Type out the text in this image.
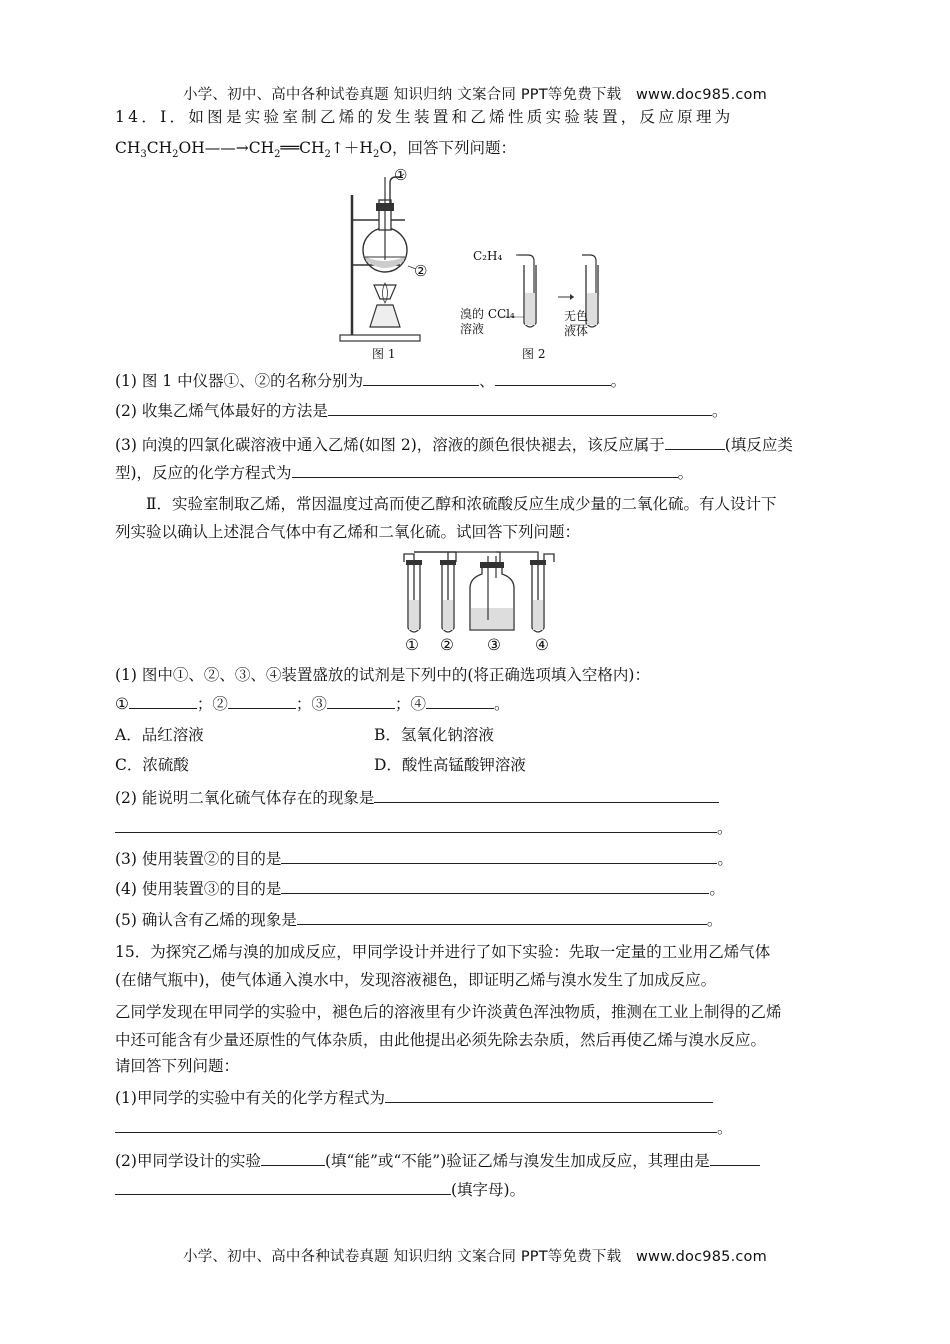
小学、初中、高中各种试卷真题 知识归纳 文案合同 PPT等免费下载　www.doc985.com
14．Ⅰ．如图是实验室制乙烯的发生装置和乙烯性质实验装置，反应原理为
$CH_3CH_2OH——\to CH_2══CH_2↑+H_2O$，回答下列问题：
①
②
图 1
C₂H₄
溴的 CCl₄
溶液
无色
液体
图 2
(1) 图 1 中仪器①、②的名称分别为	、	。
(2) 收集乙烯气体最好的方法是	。
(3) 向溴的四氯化碳溶液中通入乙烯(如图 2)，溶液的颜色很快褪去，该反应属于	(填反应类
型)，反应的化学方程式为	。
Ⅱ．实验室制取乙烯，常因温度过高而使乙醇和浓硫酸反应生成少量的二氧化硫。有人设计下
列实验以确认上述混合气体中有乙烯和二氧化硫。试回答下列问题：
① ② ③ ④
(1) 图中①、②、③、④装置盛放的试剂是下列中的(将正确选项填入空格内)：
①	；②	；③	；④	。
A．品红溶液	B．氢氧化钠溶液
C．浓硫酸	D．酸性高锰酸钾溶液
(2) 能说明二氧化硫气体存在的现象是
。
(3) 使用装置②的目的是	。
(4) 使用装置③的目的是	。
(5) 确认含有乙烯的现象是	。
15．为探究乙烯与溴的加成反应，甲同学设计并进行了如下实验：先取一定量的工业用乙烯气体
(在储气瓶中)，使气体通入溴水中，发现溶液褪色，即证明乙烯与溴水发生了加成反应。
乙同学发现在甲同学的实验中，褪色后的溶液里有少许淡黄色浑浊物质，推测在工业上制得的乙烯
中还可能含有少量还原性的气体杂质，由此他提出必须先除去杂质，然后再使乙烯与溴水反应。
请回答下列问题：
(1)甲同学的实验中有关的化学方程式为
。
(2)甲同学设计的实验	(填“能”或“不能”)验证乙烯与溴发生加成反应，其理由是
(填字母)。
小学、初中、高中各种试卷真题 知识归纳 文案合同 PPT等免费下载　www.doc985.com
